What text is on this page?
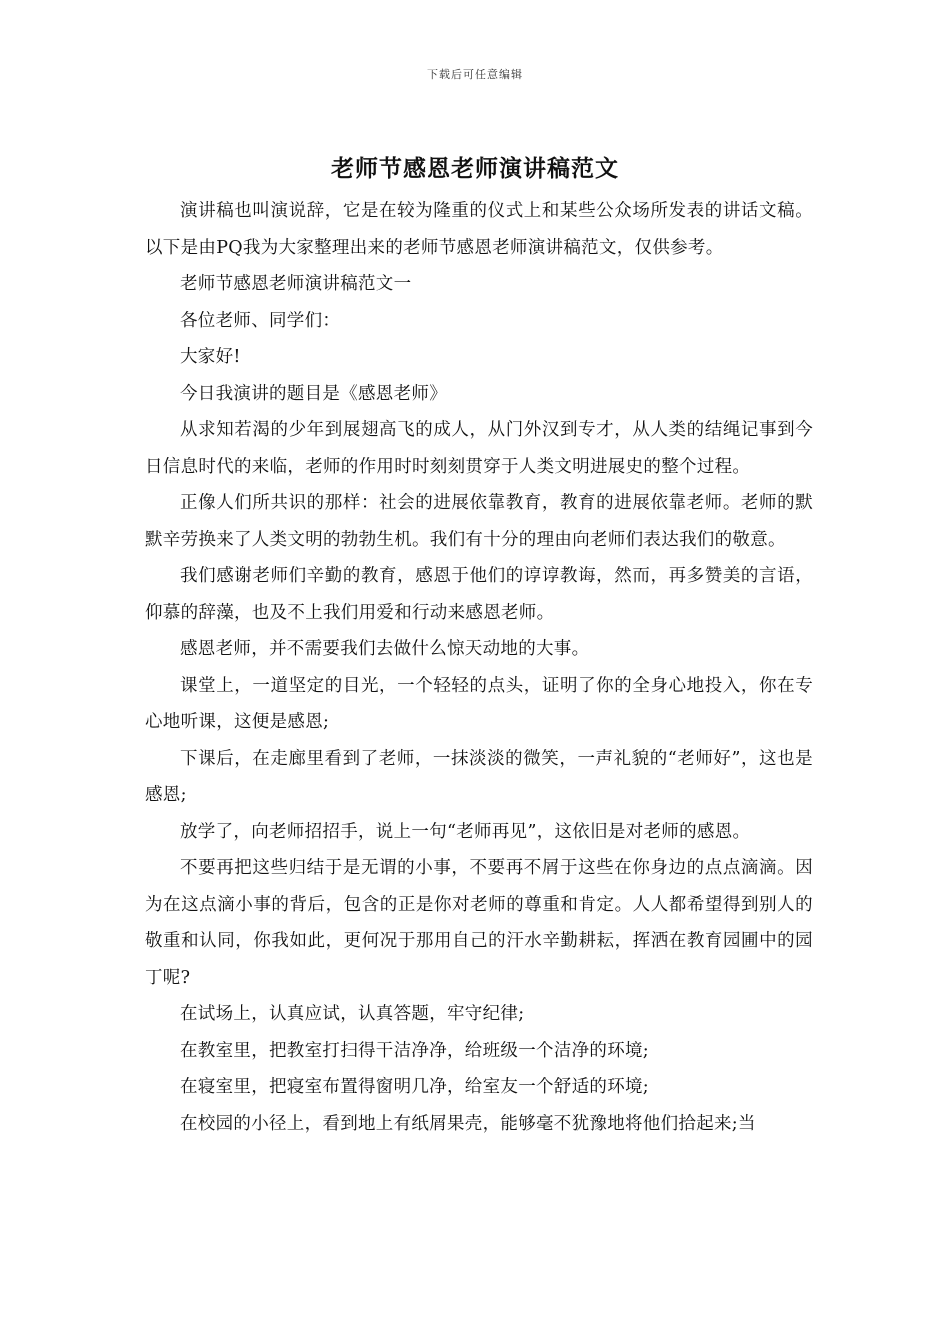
下载后可任意编辑
老师节感恩老师演讲稿范文

演讲稿也叫演说辞，它是在较为隆重的仪式上和某些公众场所发表的讲话文稿。以下是由PQ我为大家整理出来的老师节感恩老师演讲稿范文，仅供参考。

老师节感恩老师演讲稿范文一

各位老师、同学们：

大家好!

今日我演讲的题目是《感恩老师》

从求知若渴的少年到展翅高飞的成人，从门外汉到专才，从人类的结绳记事到今日信息时代的来临，老师的作用时时刻刻贯穿于人类文明进展史的整个过程。

正像人们所共识的那样：社会的进展依靠教育，教育的进展依靠老师。老师的默默辛劳换来了人类文明的勃勃生机。我们有十分的理由向老师们表达我们的敬意。

我们感谢老师们辛勤的教育，感恩于他们的谆谆教诲，然而，再多赞美的言语，仰慕的辞藻，也及不上我们用爱和行动来感恩老师。

感恩老师，并不需要我们去做什么惊天动地的大事。

课堂上，一道坚定的目光，一个轻轻的点头，证明了你的全身心地投入，你在专心地听课，这便是感恩;

下课后，在走廊里看到了老师，一抹淡淡的微笑，一声礼貌的“老师好”，这也是感恩;

放学了，向老师招招手，说上一句“老师再见”，这依旧是对老师的感恩。

不要再把这些归结于是无谓的小事，不要再不屑于这些在你身边的点点滴滴。因为在这点滴小事的背后，包含的正是你对老师的尊重和肯定。人人都希望得到别人的敬重和认同，你我如此，更何况于那用自己的汗水辛勤耕耘，挥洒在教育园圃中的园丁呢?

在试场上，认真应试，认真答题，牢守纪律;

在教室里，把教室打扫得干洁净净，给班级一个洁净的环境;

在寝室里，把寝室布置得窗明几净，给室友一个舒适的环境;

在校园的小径上，看到地上有纸屑果壳，能够毫不犹豫地将他们拾起来;当
